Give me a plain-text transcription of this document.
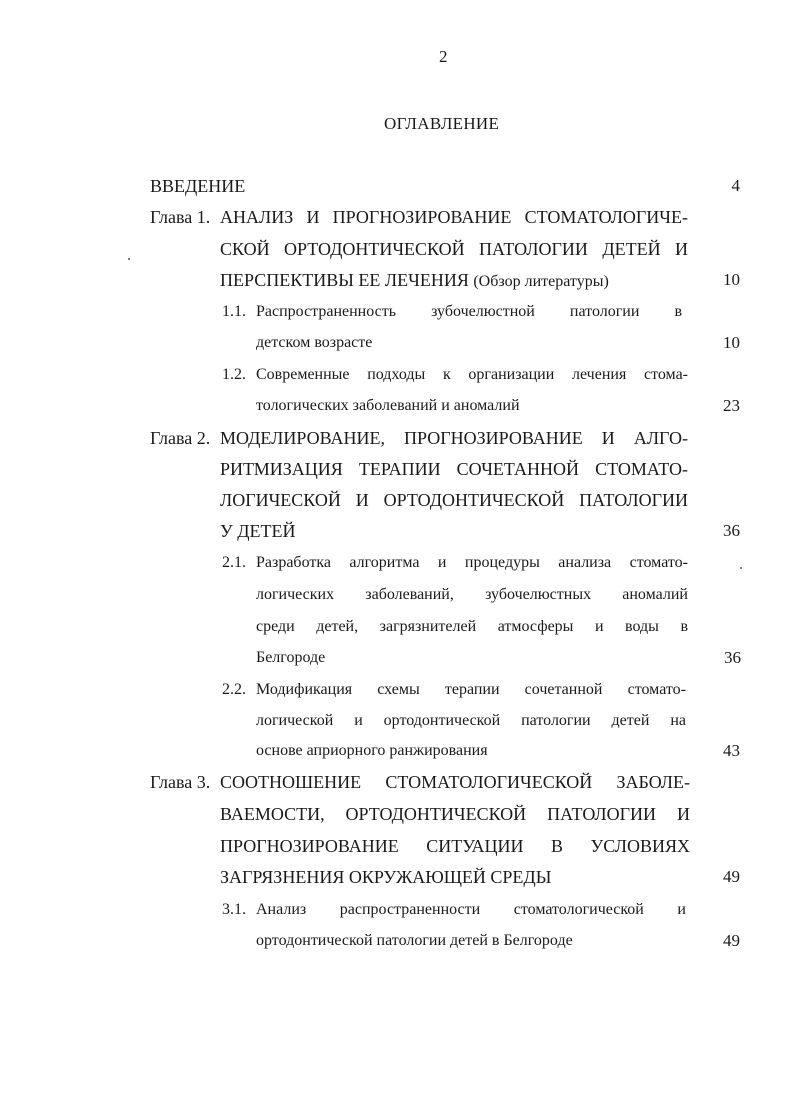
2
ОГЛАВЛЕНИЕ
ВВЕДЕНИЕ	4
Глава 1. АНАЛИЗ И ПРОГНОЗИРОВАНИЕ СТОМАТОЛОГИЧЕ-
СКОЙ ОРТОДОНТИЧЕСКОЙ ПАТОЛОГИИ ДЕТЕЙ И
ПЕРСПЕКТИВЫ ЕЕ ЛЕЧЕНИЯ (Обзор литературы)	10
1.1. Распространенность зубочелюстной патологии в
детском возрасте	10
1.2. Современные подходы к организации лечения стома-
тологических заболеваний и аномалий	23
Глава 2. МОДЕЛИРОВАНИЕ, ПРОГНОЗИРОВАНИЕ И АЛГО-
РИТМИЗАЦИЯ ТЕРАПИИ СОЧЕТАННОЙ СТОМАТО-
ЛОГИЧЕСКОЙ И ОРТОДОНТИЧЕСКОЙ ПАТОЛОГИИ
У ДЕТЕЙ	36
2.1. Разработка алгоритма и процедуры анализа стомато-
логических заболеваний, зубочелюстных аномалий
среди детей, загрязнителей атмосферы и воды в
Белгороде	36
2.2. Модификация схемы терапии сочетанной стомато-
логической и ортодонтической патологии детей на
основе априорного ранжирования	43
Глава 3. СООТНОШЕНИЕ СТОМАТОЛОГИЧЕСКОЙ ЗАБОЛЕ-
ВАЕМОСТИ, ОРТОДОНТИЧЕСКОЙ ПАТОЛОГИИ И
ПРОГНОЗИРОВАНИЕ СИТУАЦИИ В УСЛОВИЯХ
ЗАГРЯЗНЕНИЯ ОКРУЖАЮЩЕЙ СРЕДЫ	49
3.1. Анализ распространенности стоматологической и
ортодонтической патологии детей в Белгороде	49
